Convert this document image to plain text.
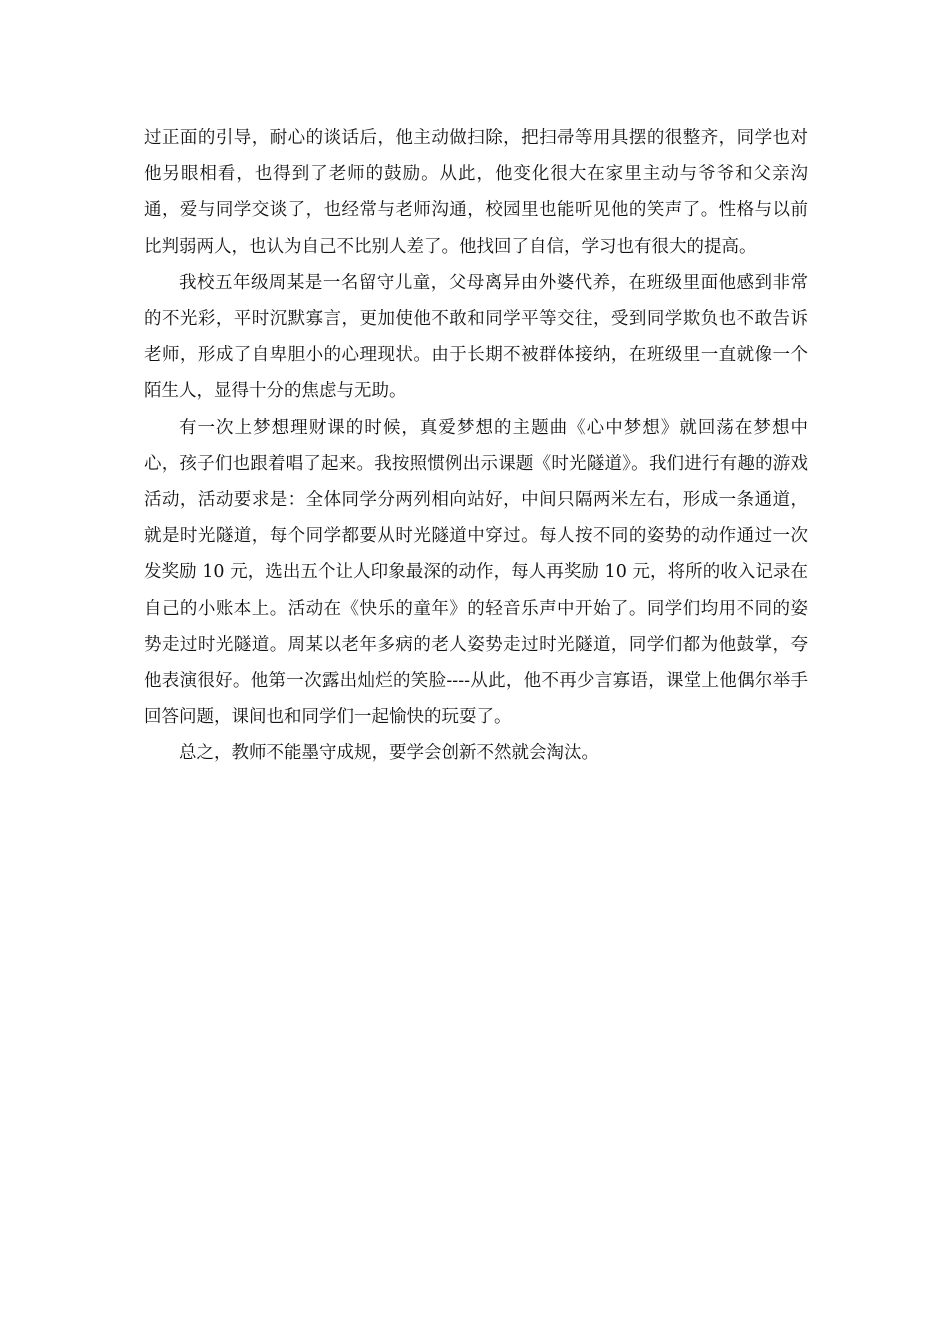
过正面的引导，耐心的谈话后，他主动做扫除，把扫帚等用具摆的很整齐，同学也对他另眼相看，也得到了老师的鼓励。从此，他变化很大在家里主动与爷爷和父亲沟通，爱与同学交谈了，也经常与老师沟通，校园里也能听见他的笑声了。性格与以前比判弱两人，也认为自己不比别人差了。他找回了自信，学习也有很大的提高。

我校五年级周某是一名留守儿童，父母离异由外婆代养，在班级里面他感到非常的不光彩，平时沉默寡言，更加使他不敢和同学平等交往，受到同学欺负也不敢告诉老师，形成了自卑胆小的心理现状。由于长期不被群体接纳，在班级里一直就像一个陌生人，显得十分的焦虑与无助。

有一次上梦想理财课的时候，真爱梦想的主题曲《心中梦想》就回荡在梦想中心，孩子们也跟着唱了起来。我按照惯例出示课题《时光隧道》。我们进行有趣的游戏活动，活动要求是：全体同学分两列相向站好，中间只隔两米左右，形成一条通道，就是时光隧道，每个同学都要从时光隧道中穿过。每人按不同的姿势的动作通过一次发奖励 10 元，选出五个让人印象最深的动作，每人再奖励 10 元，将所的收入记录在自己的小账本上。活动在《快乐的童年》的轻音乐声中开始了。同学们均用不同的姿势走过时光隧道。周某以老年多病的老人姿势走过时光隧道，同学们都为他鼓掌，夸他表演很好。他第一次露出灿烂的笑脸----从此，他不再少言寡语，课堂上他偶尔举手回答问题，课间也和同学们一起愉快的玩耍了。

总之，教师不能墨守成规，要学会创新不然就会淘汰。
